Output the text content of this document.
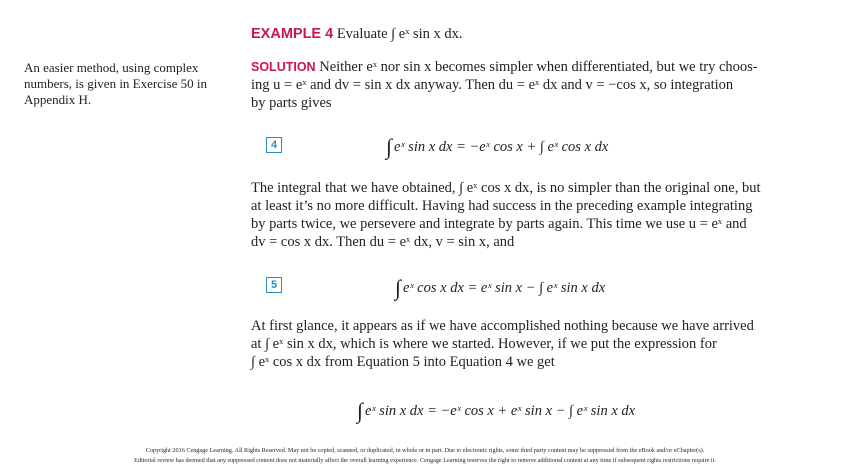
An easier method, using complex
numbers, is given in Exercise 50 in
Appendix H.
EXAMPLE 4 Evaluate ∫ eˣ sin x dx.
SOLUTION Neither eˣ nor sin x becomes simpler when differentiated, but we try choos-
ing u = eˣ and dv = sin x dx anyway. Then du = eˣ dx and v = −cos x, so integration
by parts gives
4	∫ eˣ sin x dx = −eˣ cos x + ∫ eˣ cos x dx
The integral that we have obtained, ∫ eˣ cos x dx, is no simpler than the original one, but
at least it’s no more difficult. Having had success in the preceding example integrating
by parts twice, we persevere and integrate by parts again. This time we use u = eˣ and
dv = cos x dx. Then du = eˣ dx, v = sin x, and
5	∫ eˣ cos x dx = eˣ sin x − ∫ eˣ sin x dx
At first glance, it appears as if we have accomplished nothing because we have arrived
at ∫ eˣ sin x dx, which is where we started. However, if we put the expression for
∫ eˣ cos x dx from Equation 5 into Equation 4 we get
∫ eˣ sin x dx = −eˣ cos x + eˣ sin x − ∫ eˣ sin x dx
Copyright 2016 Cengage Learning. All Rights Reserved. May not be copied, scanned, or duplicated, in whole or in part. Due to electronic rights, some third party content may be suppressed from the eBook and/or eChapter(s).
Editorial review has deemed that any suppressed content does not materially affect the overall learning experience. Cengage Learning reserves the right to remove additional content at any time if subsequent rights restrictions require it.
